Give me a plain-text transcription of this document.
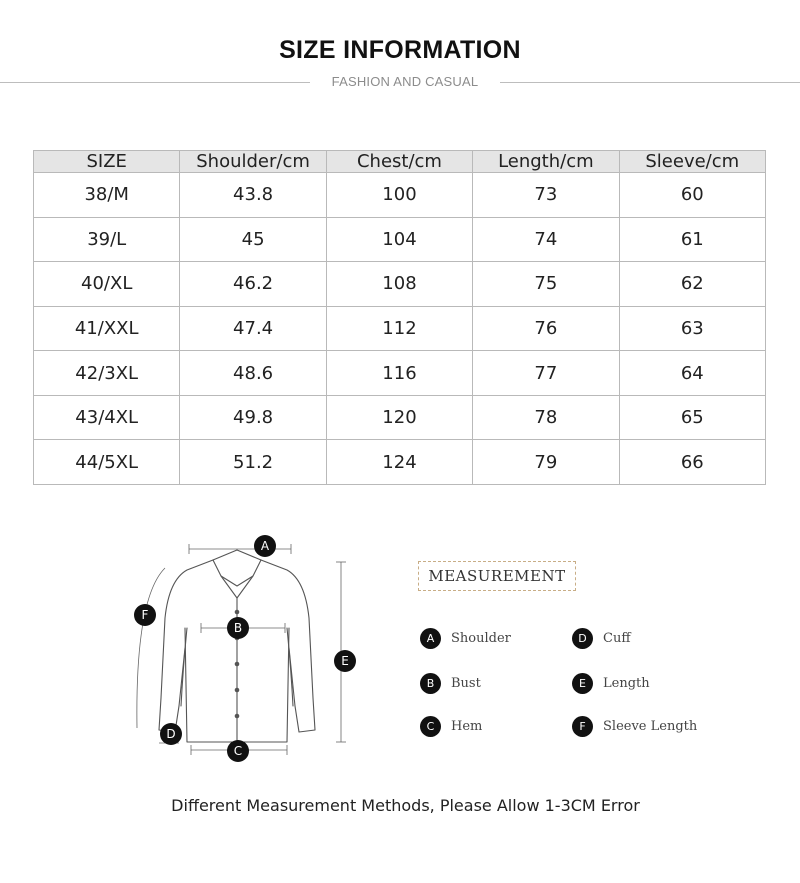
SIZE INFORMATION
FASHION AND CASUAL
SIZE	Shoulder/cm	Chest/cm	Length/cm	Sleeve/cm
38/M	43.8	100	73	60
39/L	45	104	74	61
40/XL	46.2	108	75	62
41/XXL	47.4	112	76	63
42/3XL	48.6	116	77	64
43/4XL	49.8	120	78	65
44/5XL	51.2	124	79	66
A
B
C
D
E
F
MEASUREMENT
A	Shoulder
B	Bust
C	Hem
D	Cuff
E	Length
F	Sleeve Length
Different Measurement Methods, Please Allow 1-3CM Error
